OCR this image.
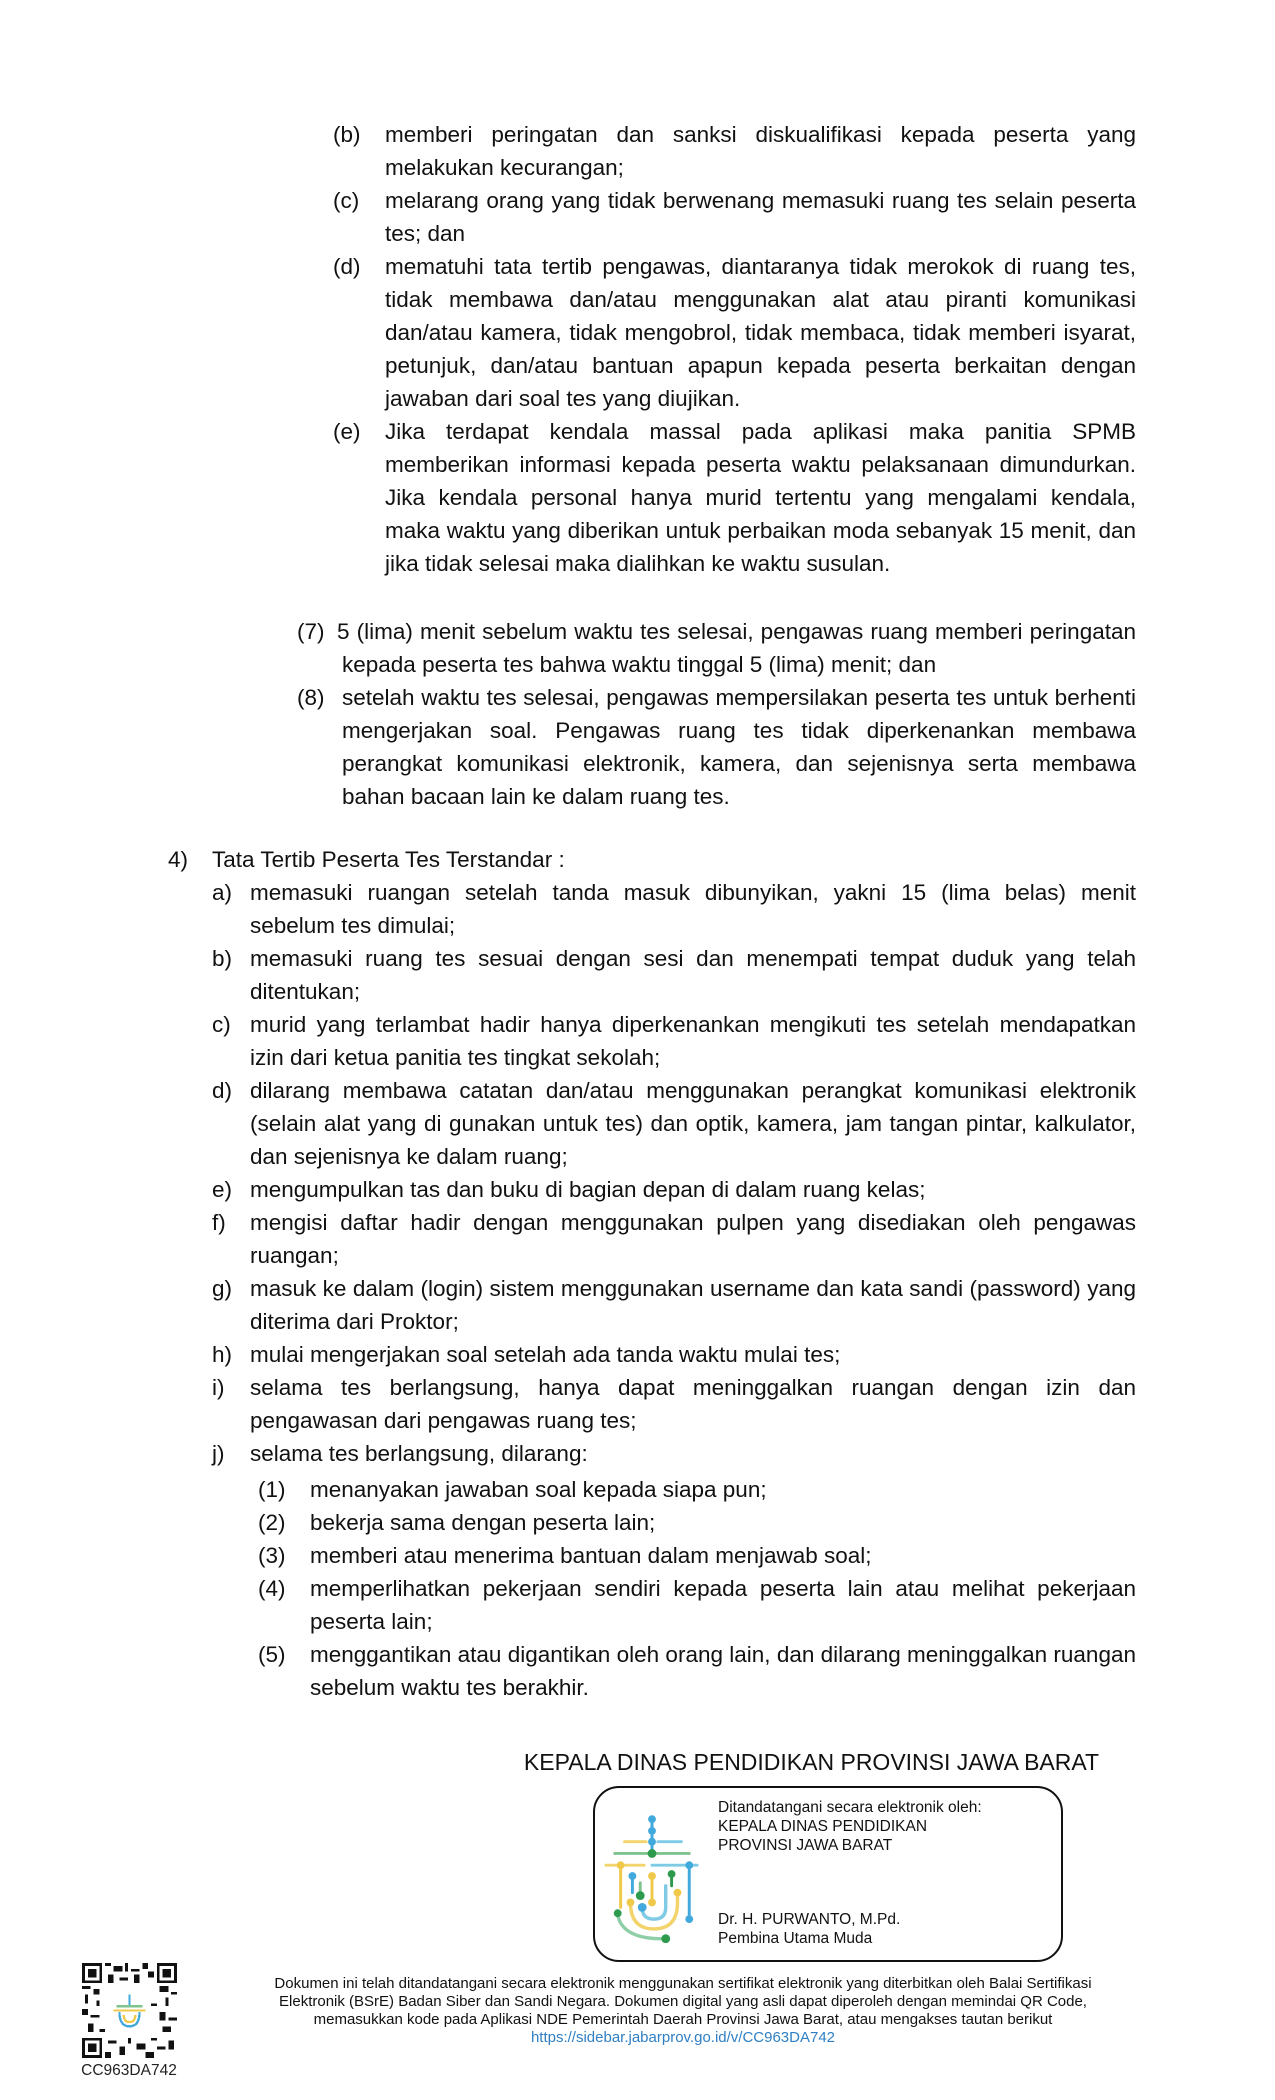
(b) memberi peringatan dan sanksi diskualifikasi kepada peserta yang melakukan kecurangan;
(c) melarang orang yang tidak berwenang memasuki ruang tes selain peserta tes; dan
(d) mematuhi tata tertib pengawas, diantaranya tidak merokok di ruang tes, tidak membawa dan/atau menggunakan alat atau piranti komunikasi dan/atau kamera, tidak mengobrol, tidak membaca, tidak memberi isyarat, petunjuk, dan/atau bantuan apapun kepada peserta berkaitan dengan jawaban dari soal tes yang diujikan.
(e) Jika terdapat kendala massal pada aplikasi maka panitia SPMB memberikan informasi kepada peserta waktu pelaksanaan dimundurkan. Jika kendala personal hanya murid tertentu yang mengalami kendala, maka waktu yang diberikan untuk perbaikan moda sebanyak 15 menit, dan jika tidak selesai maka dialihkan ke waktu susulan.
(7) 5 (lima) menit sebelum waktu tes selesai, pengawas ruang memberi peringatan kepada peserta tes bahwa waktu tinggal 5 (lima) menit; dan
(8) setelah waktu tes selesai, pengawas mempersilakan peserta tes untuk berhenti mengerjakan soal. Pengawas ruang tes tidak diperkenankan membawa perangkat komunikasi elektronik, kamera, dan sejenisnya serta membawa bahan bacaan lain ke dalam ruang tes.
4) Tata Tertib Peserta Tes Terstandar :
a) memasuki ruangan setelah tanda masuk dibunyikan, yakni 15 (lima belas) menit sebelum tes dimulai;
b) memasuki ruang tes sesuai dengan sesi dan menempati tempat duduk yang telah ditentukan;
c) murid yang terlambat hadir hanya diperkenankan mengikuti tes setelah mendapatkan izin dari ketua panitia tes tingkat sekolah;
d) dilarang membawa catatan dan/atau menggunakan perangkat komunikasi elektronik (selain alat yang di gunakan untuk tes) dan optik, kamera, jam tangan pintar, kalkulator, dan sejenisnya ke dalam ruang;
e) mengumpulkan tas dan buku di bagian depan di dalam ruang kelas;
f) mengisi daftar hadir dengan menggunakan pulpen yang disediakan oleh pengawas ruangan;
g) masuk ke dalam (login) sistem menggunakan username dan kata sandi (password) yang diterima dari Proktor;
h) mulai mengerjakan soal setelah ada tanda waktu mulai tes;
i) selama tes berlangsung, hanya dapat meninggalkan ruangan dengan izin dan pengawasan dari pengawas ruang tes;
j) selama tes berlangsung, dilarang:
(1) menanyakan jawaban soal kepada siapa pun;
(2) bekerja sama dengan peserta lain;
(3) memberi atau menerima bantuan dalam menjawab soal;
(4) memperlihatkan pekerjaan sendiri kepada peserta lain atau melihat pekerjaan peserta lain;
(5) menggantikan atau digantikan oleh orang lain, dan dilarang meninggalkan ruangan sebelum waktu tes berakhir.
KEPALA DINAS PENDIDIKAN PROVINSI JAWA BARAT
Ditandatangani secara elektronik oleh:
KEPALA DINAS PENDIDIKAN
PROVINSI JAWA BARAT
Dr. H. PURWANTO, M.Pd.
Pembina Utama Muda
CC963DA742
Dokumen ini telah ditandatangani secara elektronik menggunakan sertifikat elektronik yang diterbitkan oleh Balai Sertifikasi
Elektronik (BSrE) Badan Siber dan Sandi Negara. Dokumen digital yang asli dapat diperoleh dengan memindai QR Code,
memasukkan kode pada Aplikasi NDE Pemerintah Daerah Provinsi Jawa Barat, atau mengakses tautan berikut
https://sidebar.jabarprov.go.id/v/CC963DA742
